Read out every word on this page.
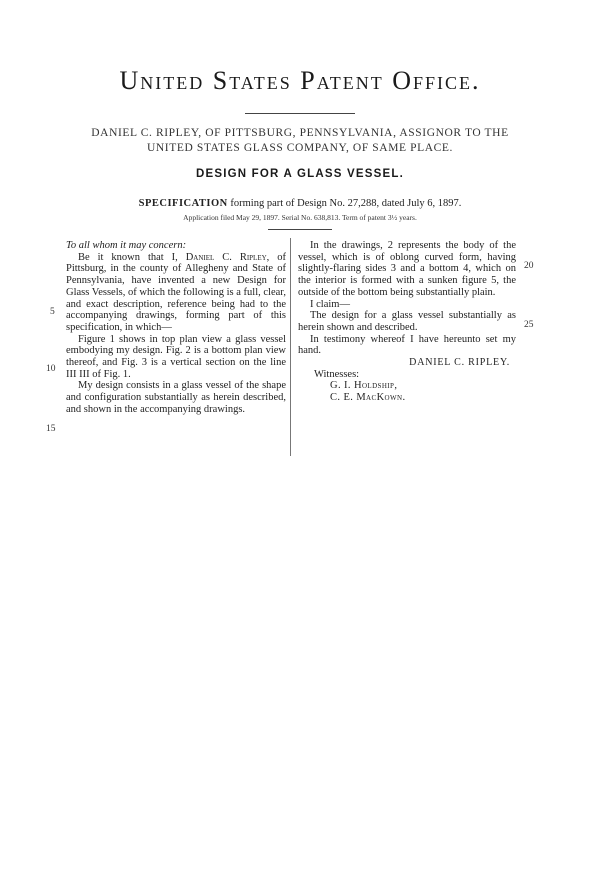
United States Patent Office.
DANIEL C. RIPLEY, OF PITTSBURG, PENNSYLVANIA, ASSIGNOR TO THE
UNITED STATES GLASS COMPANY, OF SAME PLACE.
DESIGN FOR A GLASS VESSEL.
SPECIFICATION forming part of Design No. 27,288, dated July 6, 1897.
Application filed May 29, 1897. Serial No. 638,813. Term of patent 3½ years.

To all whom it may concern:

Be it known that I, Daniel C. Ripley, of Pittsburg, in the county of Allegheny and State of Pennsylvania, have invented a new Design for Glass Vessels, of which the following is a full, clear, and exact description, reference being had to the accompanying drawings, forming part of this specification, in which—

Figure 1 shows in top plan view a glass vessel embodying my design. Fig. 2 is a bottom plan view thereof, and Fig. 3 is a vertical section on the line III III of Fig. 1.

My design consists in a glass vessel of the shape and configuration substantially as herein described, and shown in the accompanying drawings.

In the drawings, 2 represents the body of the vessel, which is of oblong curved form, having slightly-flaring sides 3 and a bottom 4, which on the interior is formed with a sunken figure 5, the outside of the bottom being substantially plain.

I claim—

The design for a glass vessel substantially as herein shown and described.

In testimony whereof I have hereunto set my hand.

DANIEL C. RIPLEY.

Witnesses:

G. I. Holdship,

C. E. MacKown.

5
10
15
20
25
